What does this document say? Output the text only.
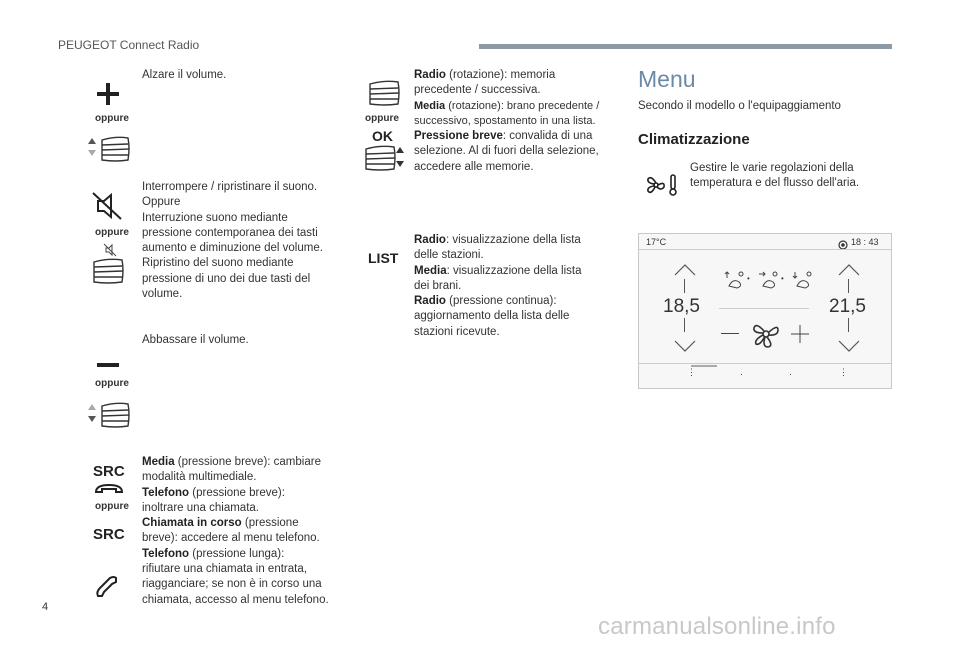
PEUGEOT Connect Radio
oppure
Alzare il volume.
oppure
Interrompere / ripristinare il suono.
Oppure
Interruzione suono mediante
pressione contemporanea dei tasti
aumento e diminuzione del volume.
Ripristino del suono mediante
pressione di uno dei due tasti del
volume.
oppure
Abbassare il volume.
SRC
oppure
SRC
Media (pressione breve): cambiare
modalità multimediale.
Telefono (pressione breve):
inoltrare una chiamata.
Chiamata in corso (pressione
breve): accedere al menu telefono.
Telefono (pressione lunga):
rifiutare una chiamata in entrata,
riagganciare; se non è in corso una
chiamata, accesso al menu telefono.
oppure
OK
Radio (rotazione): memoria
precedente / successiva.
Media (rotazione): brano precedente /
successivo, spostamento in una lista.
Pressione breve: convalida di una
selezione. Al di fuori della selezione,
accedere alle memorie.
LIST
Radio: visualizzazione della lista
delle stazioni.
Media: visualizzazione della lista
dei brani.
Radio (pressione continua):
aggiornamento della lista delle
stazioni ricevute.
Menu
Secondo il modello o l'equipaggiamento
Climatizzazione
Gestire le varie regolazioni della
temperatura e del flusso dell'aria.
17°C	18 : 43
18,5	21,5
•	•
⋮	·	·	⋮
4
carmanualsonline.info
